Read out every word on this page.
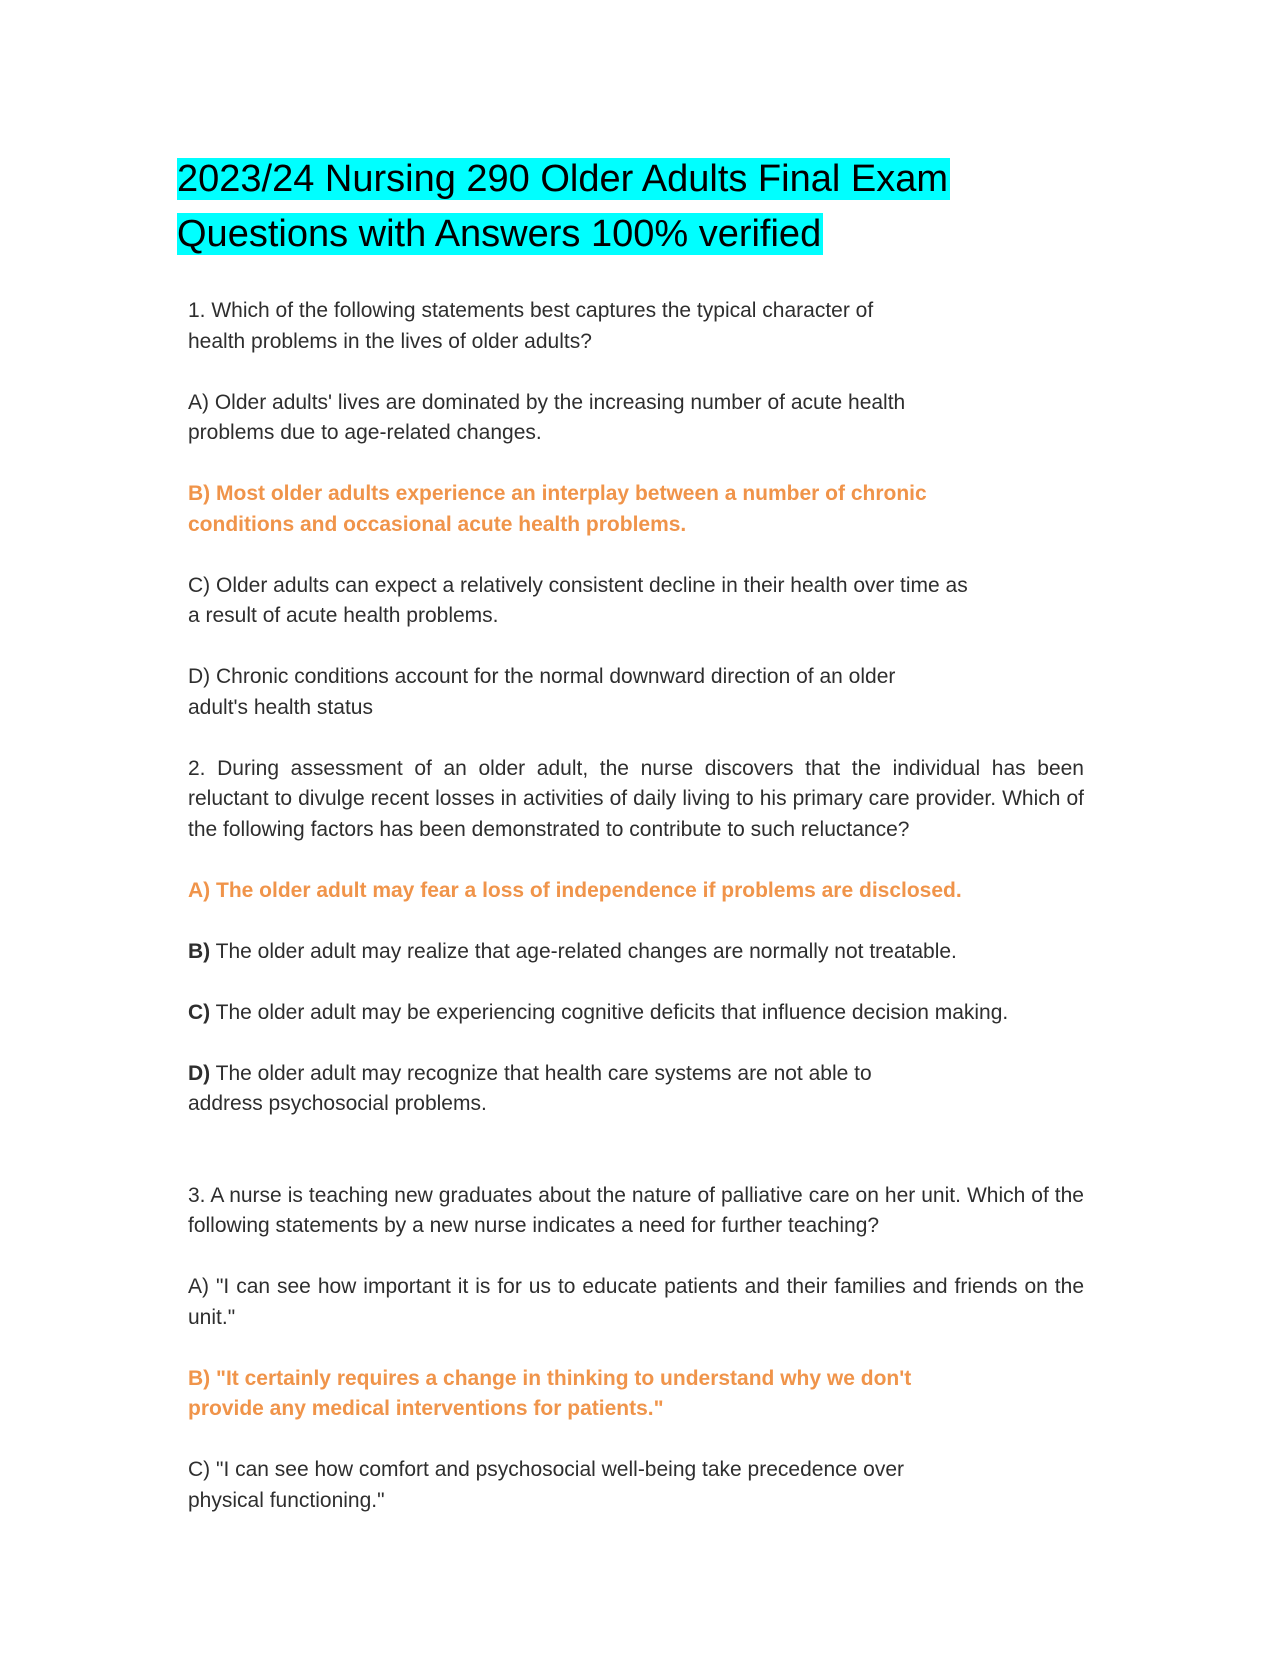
2023/24 Nursing 290 Older Adults Final Exam
Questions with Answers 100% verified

1. Which of the following statements best captures the typical character of
health problems in the lives of older adults?

A) Older adults' lives are dominated by the increasing number of acute health
problems due to age-related changes.

B) Most older adults experience an interplay between a number of chronic
conditions and occasional acute health problems.

C) Older adults can expect a relatively consistent decline in their health over time as
a result of acute health problems.

D) Chronic conditions account for the normal downward direction of an older
adult's health status

2. During assessment of an older adult, the nurse discovers that the individual has been reluctant to divulge recent losses in activities of daily living to his primary care provider. Which of the following factors has been demonstrated to contribute to such reluctance?

A) The older adult may fear a loss of independence if problems are disclosed.

B) The older adult may realize that age-related changes are normally not treatable.

C) The older adult may be experiencing cognitive deficits that influence decision making.

D) The older adult may recognize that health care systems are not able to
address psychosocial problems.

3. A nurse is teaching new graduates about the nature of palliative care on her unit. Which of the following statements by a new nurse indicates a need for further teaching?

A) "I can see how important it is for us to educate patients and their families and friends on the unit."

B) "It certainly requires a change in thinking to understand why we don't
provide any medical interventions for patients."

C) "I can see how comfort and psychosocial well-being take precedence over
physical functioning."
